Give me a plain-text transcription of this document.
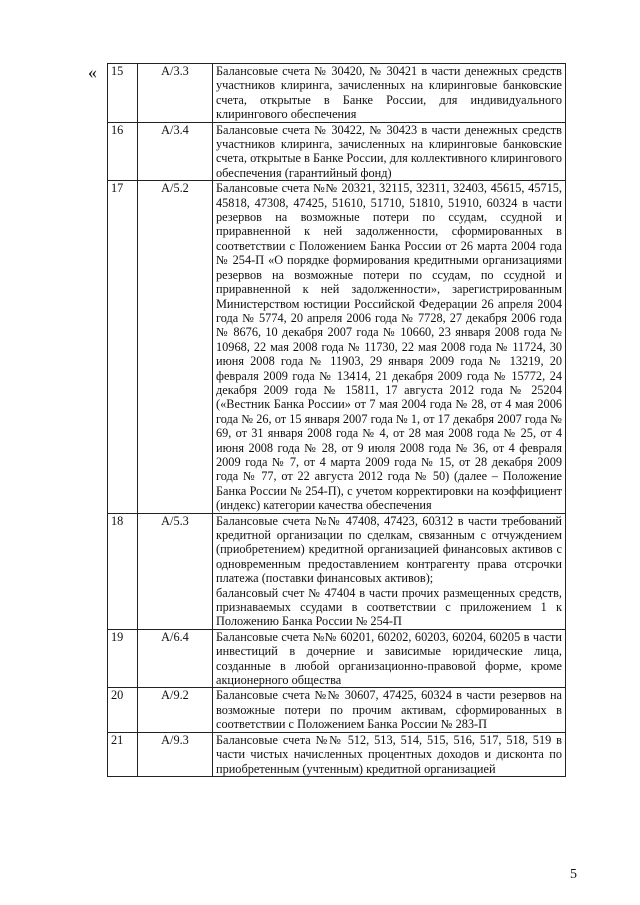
« 15	А/3.3	Балансовые счета № 30420, № 30421 в части денежных средств участников клиринга, зачисленных на клиринговые банковские счета, открытые в Банке России, для индивидуального клирингового обеспечения

16	А/3.4	Балансовые счета № 30422, № 30423 в части денежных средств участников клиринга, зачисленных на клиринговые банковские счета, открытые в Банке России, для коллективного клирингового обеспечения (гарантийный фонд)

17	А/5.2	Балансовые счета №№ 20321, 32115, 32311, 32403, 45615, 45715, 45818, 47308, 47425, 51610, 51710, 51810, 51910, 60324 в части резервов на возможные потери по ссудам, ссудной и приравненной к ней задолженности, сформированных в соответствии с Положением Банка России от 26 марта 2004 года № 254-П «О порядке формирования кредитными организациями резервов на возможные потери по ссудам, по ссудной и приравненной к ней задолженности», зарегистрированным Министерством юстиции Российской Федерации 26 апреля 2004 года № 5774, 20 апреля 2006 года № 7728, 27 декабря 2006 года № 8676, 10 декабря 2007 года № 10660, 23 января 2008 года № 10968, 22 мая 2008 года № 11730, 22 мая 2008 года № 11724, 30 июня 2008 года № 11903, 29 января 2009 года № 13219, 20 февраля 2009 года № 13414, 21 декабря 2009 года № 15772, 24 декабря 2009 года № 15811, 17 августа 2012 года № 25204 («Вестник Банка России» от 7 мая 2004 года № 28, от 4 мая 2006 года № 26, от 15 января 2007 года № 1, от 17 декабря 2007 года № 69, от 31 января 2008 года № 4, от 28 мая 2008 года № 25, от 4 июня 2008 года № 28, от 9 июля 2008 года № 36, от 4 февраля 2009 года № 7, от 4 марта 2009 года № 15, от 28 декабря 2009 года № 77, от 22 августа 2012 года № 50) (далее – Положение Банка России № 254-П), с учетом корректировки на коэффициент (индекс) категории качества обеспечения

18	А/5.3	Балансовые счета №№ 47408, 47423, 60312 в части требований кредитной организации по сделкам, связанным с отчуждением (приобретением) кредитной организацией финансовых активов с одновременным предоставлением контрагенту права отсрочки платежа (поставки финансовых активов);
балансовый счет № 47404 в части прочих размещенных средств, признаваемых ссудами в соответствии с приложением 1 к Положению Банка России № 254-П

19	А/6.4	Балансовые счета №№ 60201, 60202, 60203, 60204, 60205 в части инвестиций в дочерние и зависимые юридические лица, созданные в любой организационно-правовой форме, кроме акционерного общества

20	А/9.2	Балансовые счета №№ 30607, 47425, 60324 в части резервов на возможные потери по прочим активам, сформированных в соответствии с Положением Банка России № 283-П

21	А/9.3	Балансовые счета №№ 512, 513, 514, 515, 516, 517, 518, 519 в части чистых начисленных процентных доходов и дисконта по приобретенным (учтенным) кредитной организацией
5
